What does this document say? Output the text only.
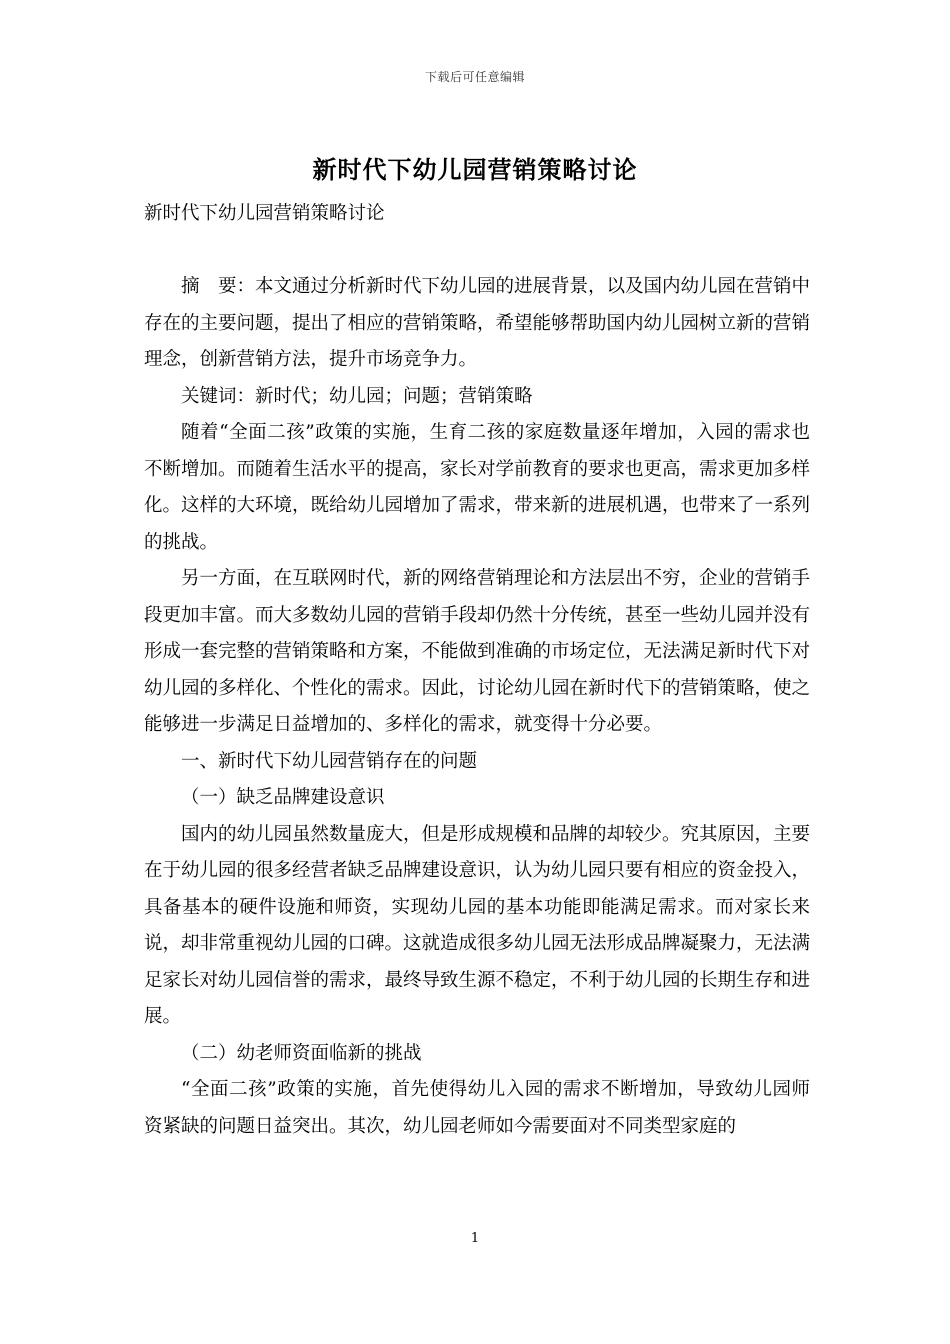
下载后可任意编辑
新时代下幼儿园营销策略讨论

新时代下幼儿园营销策略讨论

摘　要：本文通过分析新时代下幼儿园的进展背景，以及国内幼儿园在营销中存在的主要问题，提出了相应的营销策略，希望能够帮助国内幼儿园树立新的营销理念，创新营销方法，提升市场竞争力。

关键词：新时代；幼儿园；问题；营销策略

随着“全面二孩”政策的实施，生育二孩的家庭数量逐年增加，入园的需求也不断增加。而随着生活水平的提高，家长对学前教育的要求也更高，需求更加多样化。这样的大环境，既给幼儿园增加了需求，带来新的进展机遇，也带来了一系列的挑战。

另一方面，在互联网时代，新的网络营销理论和方法层出不穷，企业的营销手段更加丰富。而大多数幼儿园的营销手段却仍然十分传统，甚至一些幼儿园并没有形成一套完整的营销策略和方案，不能做到准确的市场定位，无法满足新时代下对幼儿园的多样化、个性化的需求。因此，讨论幼儿园在新时代下的营销策略，使之能够进一步满足日益增加的、多样化的需求，就变得十分必要。

一、新时代下幼儿园营销存在的问题

（一）缺乏品牌建设意识

国内的幼儿园虽然数量庞大，但是形成规模和品牌的却较少。究其原因，主要在于幼儿园的很多经营者缺乏品牌建设意识，认为幼儿园只要有相应的资金投入，具备基本的硬件设施和师资，实现幼儿园的基本功能即能满足需求。而对家长来说，却非常重视幼儿园的口碑。这就造成很多幼儿园无法形成品牌凝聚力，无法满足家长对幼儿园信誉的需求，最终导致生源不稳定，不利于幼儿园的长期生存和进展。

（二）幼老师资面临新的挑战

“全面二孩”政策的实施，首先使得幼儿入园的需求不断增加，导致幼儿园师资紧缺的问题日益突出。其次，幼儿园老师如今需要面对不同类型家庭的

1
